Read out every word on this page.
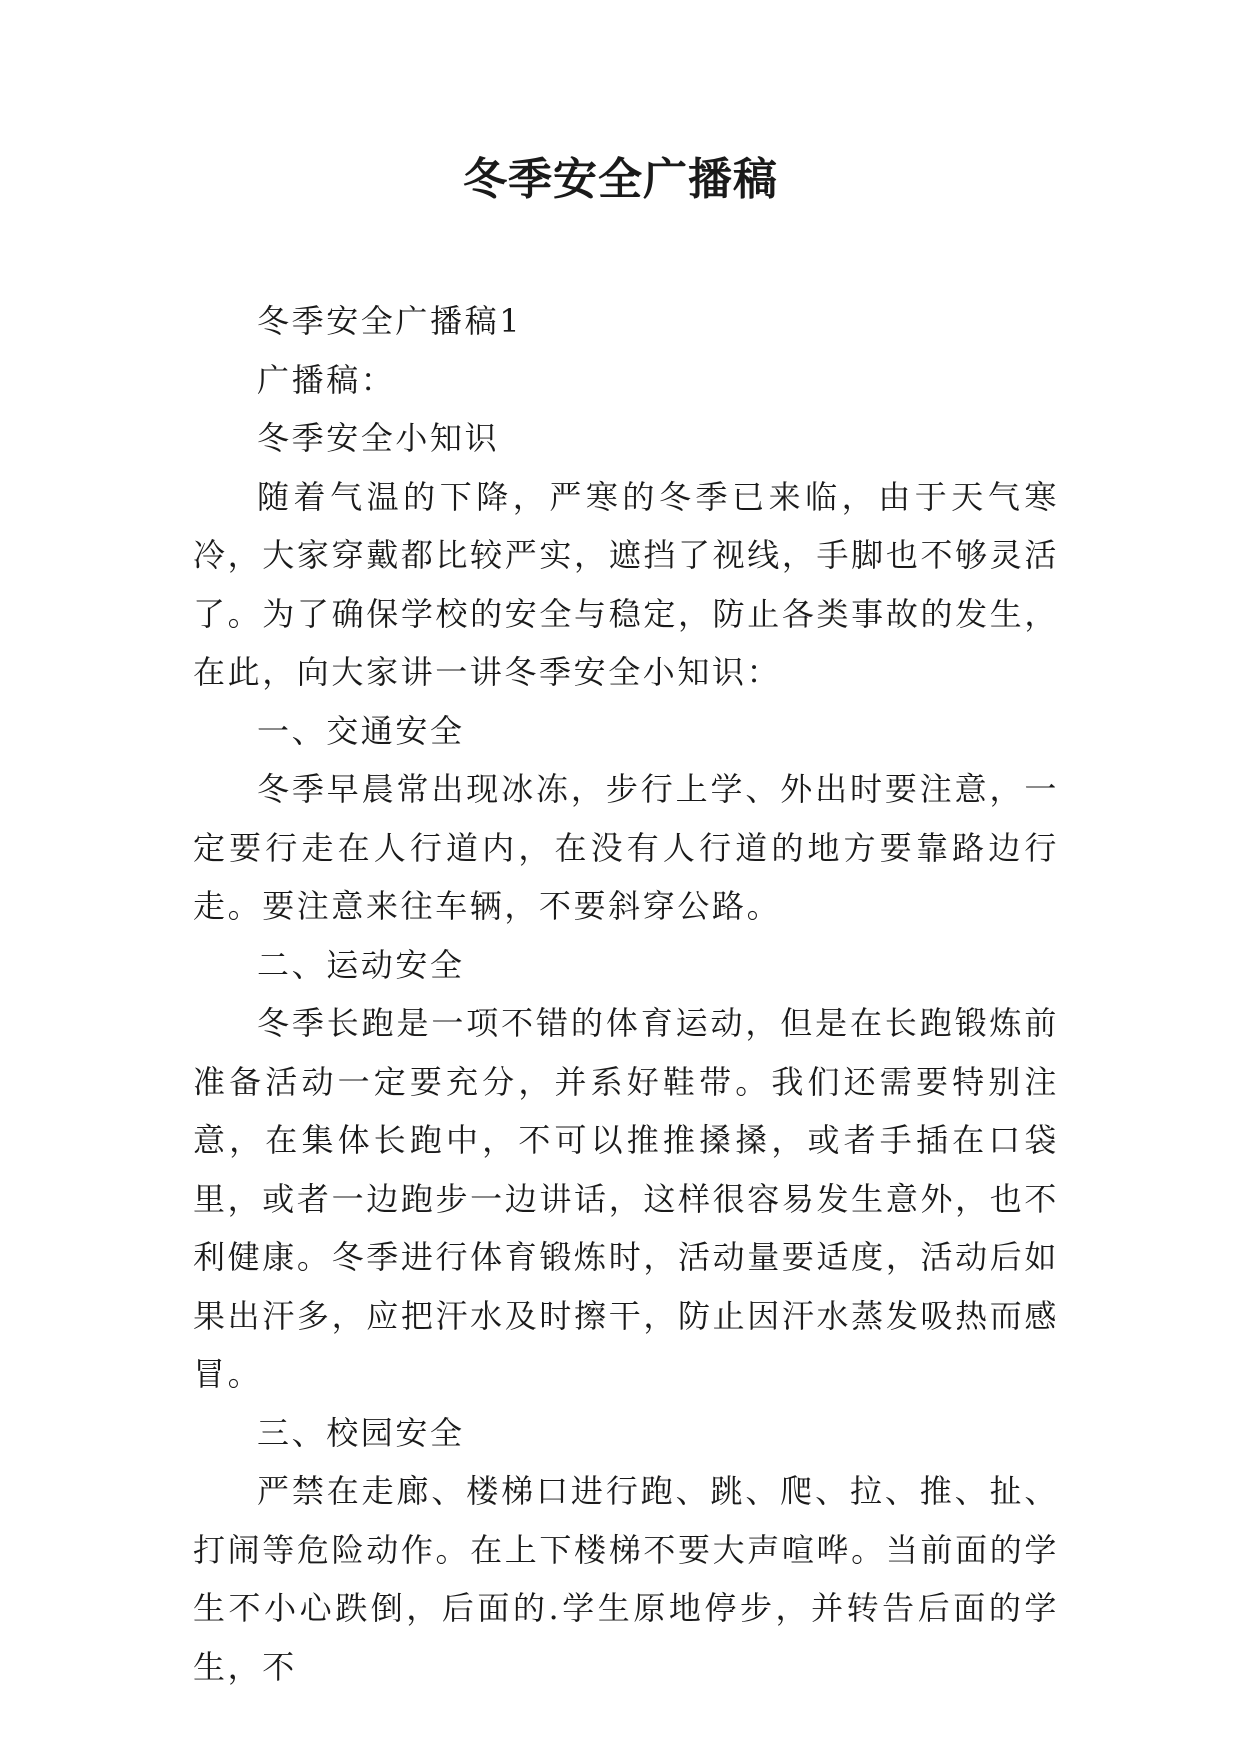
冬季安全广播稿

冬季安全广播稿1

广播稿：

冬季安全小知识

随着气温的下降，严寒的冬季已来临，由于天气寒冷，大家穿戴都比较严实，遮挡了视线，手脚也不够灵活了。为了确保学校的安全与稳定，防止各类事故的发生，在此，向大家讲一讲冬季安全小知识：

一、交通安全

冬季早晨常出现冰冻，步行上学、外出时要注意，一定要行走在人行道内，在没有人行道的地方要靠路边行走。要注意来往车辆，不要斜穿公路。

二、运动安全

冬季长跑是一项不错的体育运动，但是在长跑锻炼前准备活动一定要充分，并系好鞋带。我们还需要特别注意，在集体长跑中，不可以推推搡搡，或者手插在口袋里，或者一边跑步一边讲话，这样很容易发生意外，也不利健康。冬季进行体育锻炼时，活动量要适度，活动后如果出汗多，应把汗水及时擦干，防止因汗水蒸发吸热而感冒。

三、校园安全

严禁在走廊、楼梯口进行跑、跳、爬、拉、推、扯、打闹等危险动作。在上下楼梯不要大声喧哗。当前面的学生不小心跌倒，后面的.学生原地停步，并转告后面的学生，不
